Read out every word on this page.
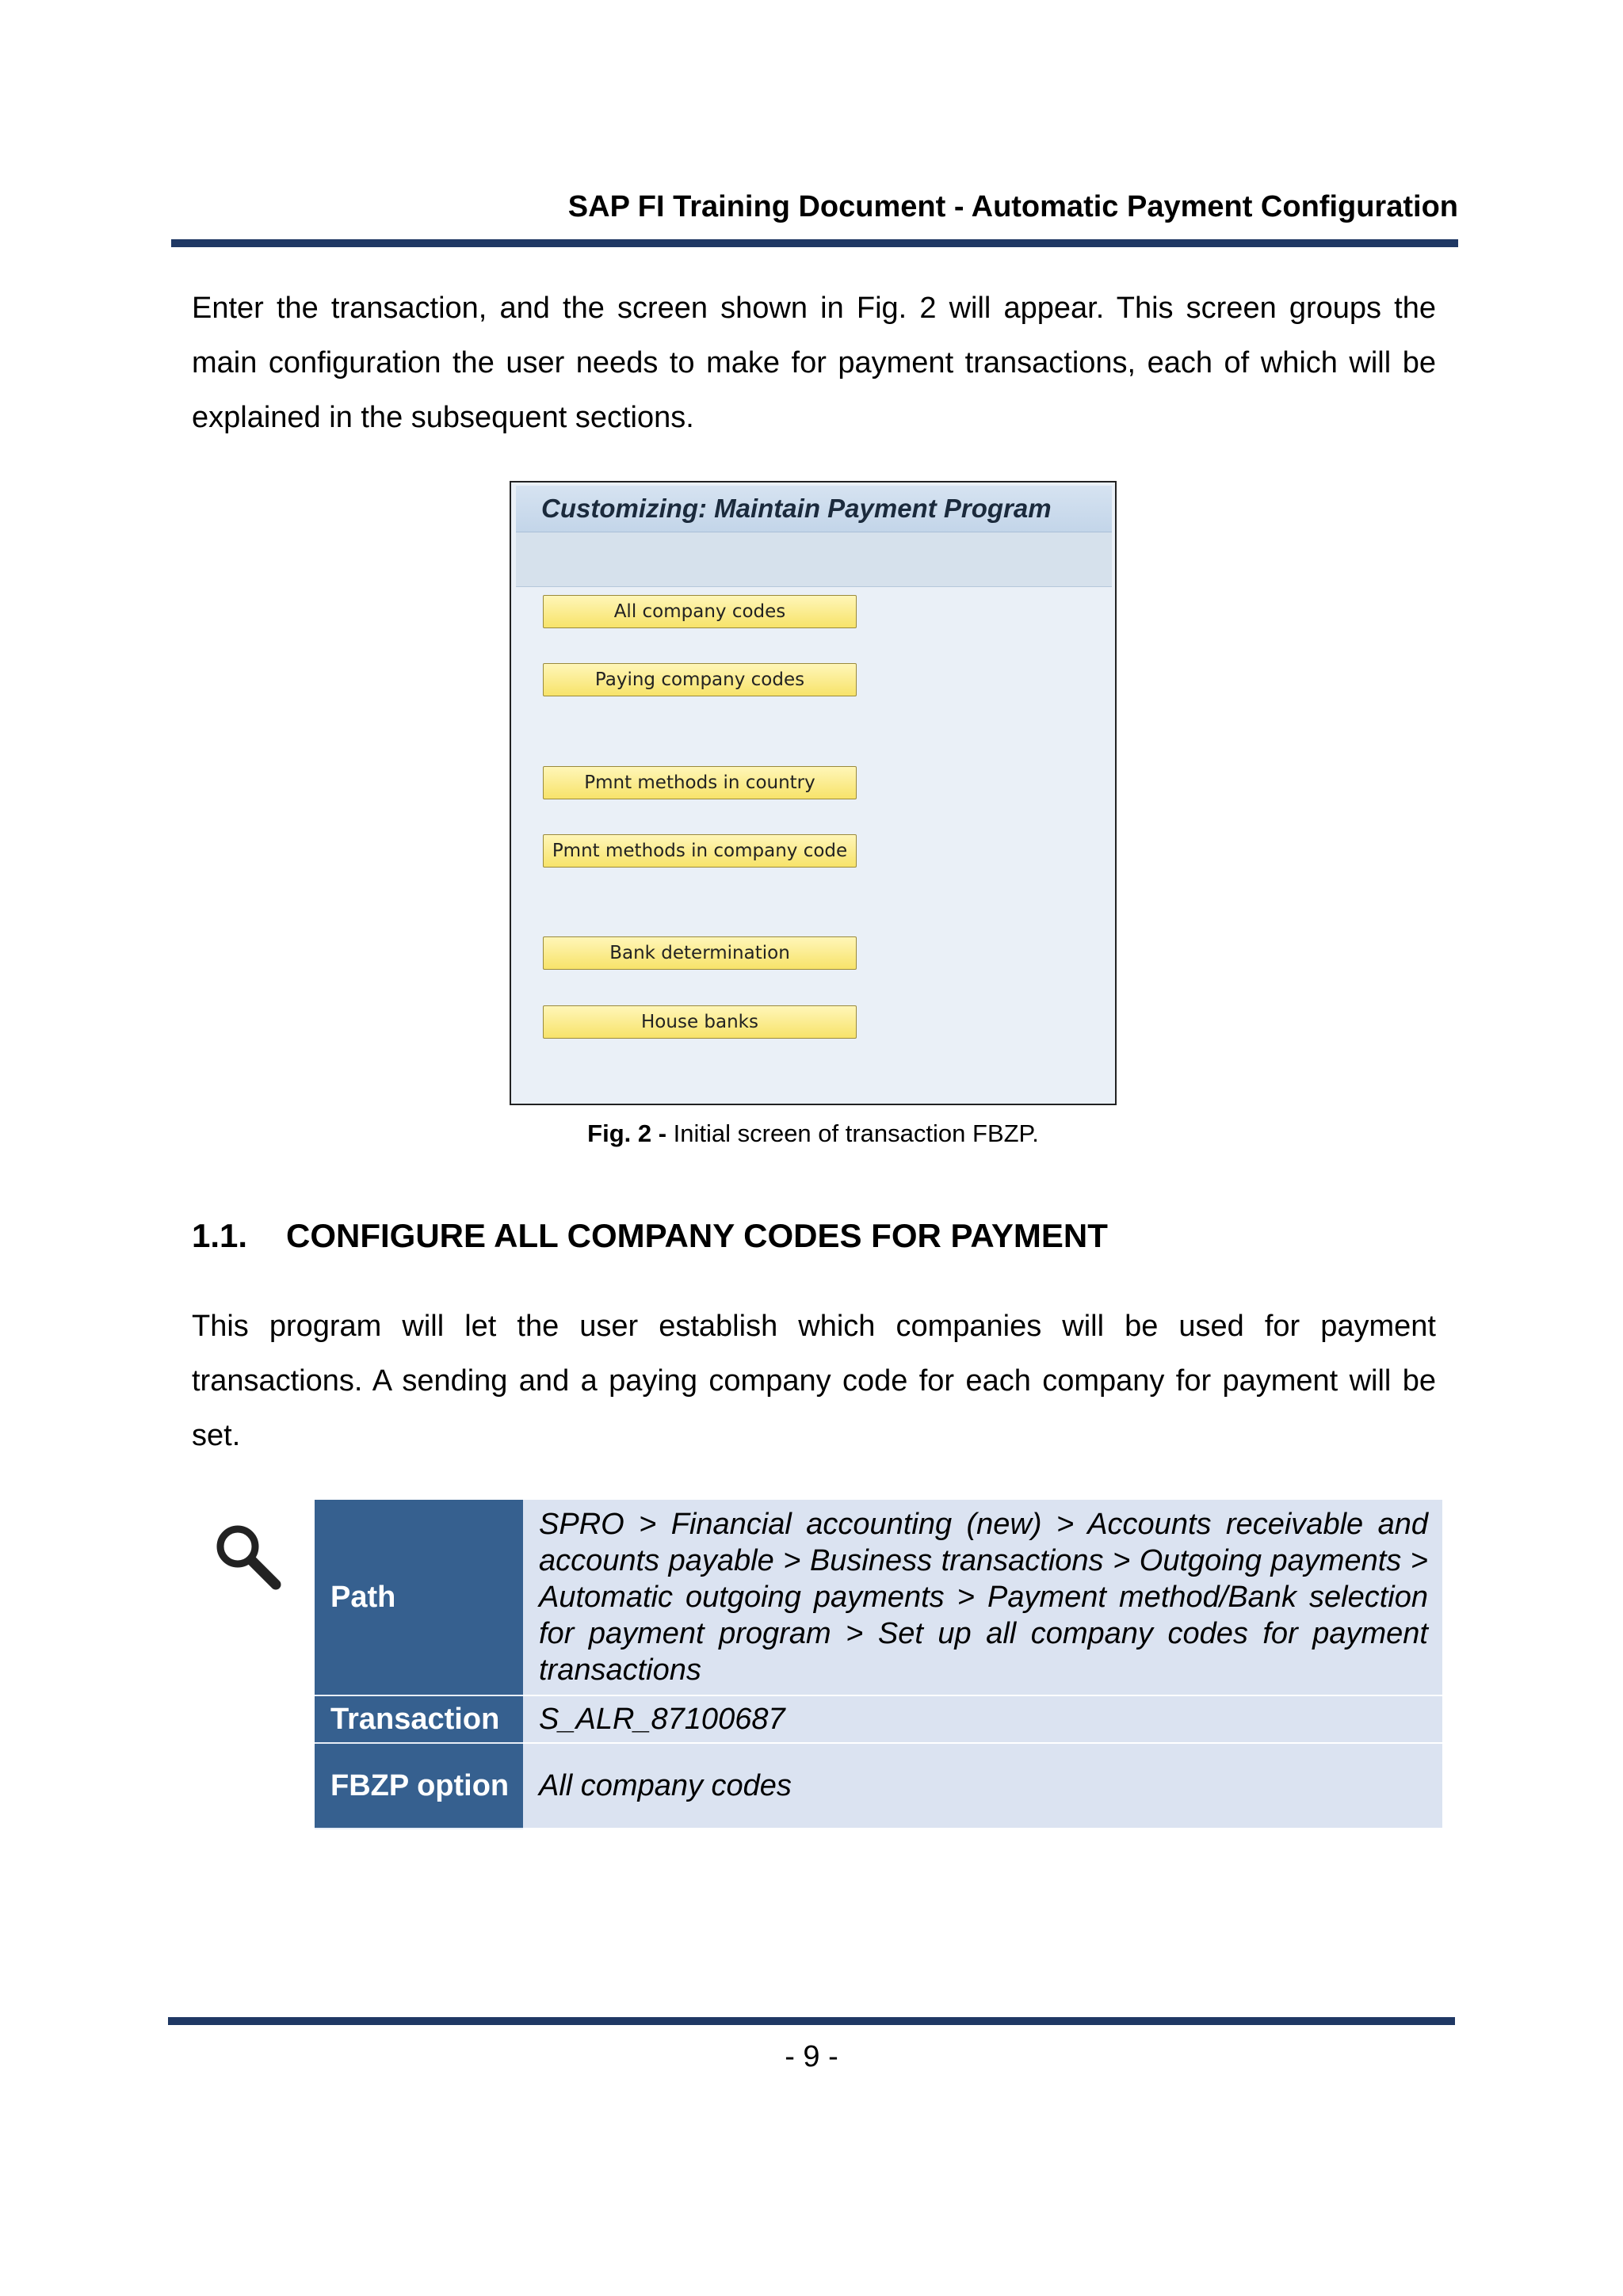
SAP FI Training Document - Automatic Payment Configuration

Enter the transaction, and the screen shown in Fig. 2 will appear. This screen groups the main configuration the user needs to make for payment transactions, each of which will be explained in the subsequent sections.

Customizing: Maintain Payment Program
All company codes
Paying company codes
Pmnt methods in country
Pmnt methods in company code
Bank determination
House banks
Fig. 2 - Initial screen of transaction FBZP.
1.1. CONFIGURE ALL COMPANY CODES FOR PAYMENT

This program will let the user establish which companies will be used for payment transactions. A sending and a paying company code for each company for payment will be set.

Path	SPRO > Financial accounting (new) > Accounts receivable and accounts payable > Business transactions > Outgoing payments > Automatic outgoing payments > Payment method/Bank selection for payment program > Set up all company codes for payment transactions
Transaction	S_ALR_87100687
FBZP option	All company codes
- 9 -
